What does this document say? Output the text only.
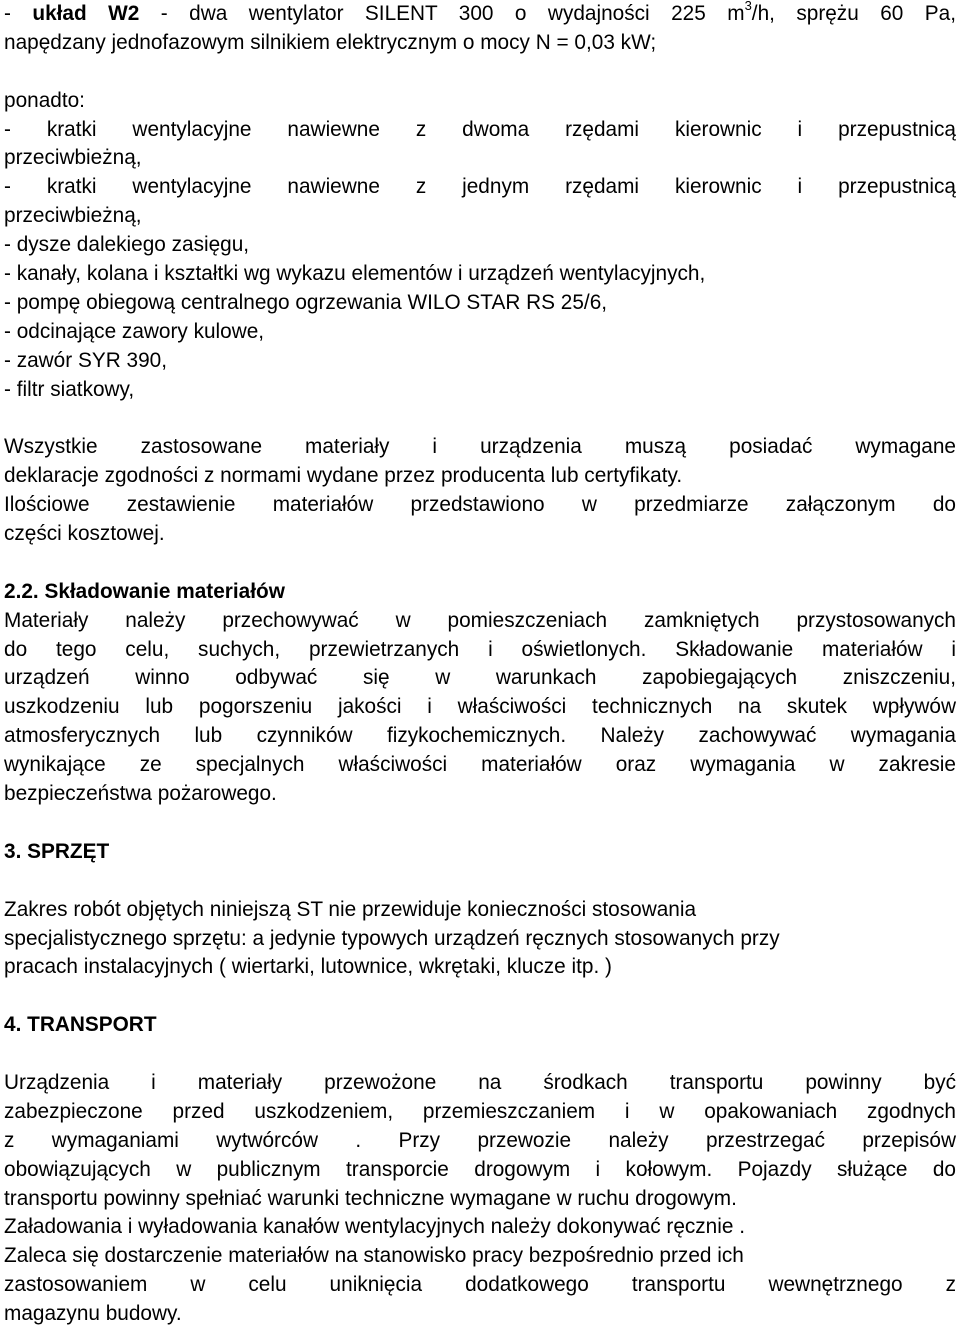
- układ W2 - dwa wentylator SILENT 300 o wydajności 225 $m^3/h$, sprężu 60 Pa,
napędzany jednofazowym silnikiem elektrycznym o mocy N = 0,03 kW;
ponadto:
- kratki wentylacyjne nawiewne z dwoma rzędami kierownic i przepustnicą
przeciwbieżną,
- kratki wentylacyjne nawiewne z jednym rzędami kierownic i przepustnicą
przeciwbieżną,
- dysze dalekiego zasięgu,
- kanały, kolana i kształtki wg wykazu elementów i urządzeń wentylacyjnych,
- pompę obiegową centralnego ogrzewania WILO STAR RS 25/6,
- odcinające zawory kulowe,
- zawór SYR 390,
- filtr siatkowy,
Wszystkie zastosowane materiały i urządzenia muszą posiadać wymagane
deklaracje zgodności z normami wydane przez producenta lub certyfikaty.
Ilościowe zestawienie materiałów przedstawiono w przedmiarze załączonym do
części kosztowej.
2.2. Składowanie materiałów
Materiały należy przechowywać w pomieszczeniach zamkniętych przystosowanych
do tego celu, suchych, przewietrzanych i oświetlonych. Składowanie materiałów i
urządzeń winno odbywać się w warunkach zapobiegających zniszczeniu,
uszkodzeniu lub pogorszeniu jakości i właściwości technicznych na skutek wpływów
atmosferycznych lub czynników fizykochemicznych. Należy zachowywać wymagania
wynikające ze specjalnych właściwości materiałów oraz wymagania w zakresie
bezpieczeństwa pożarowego.
3. SPRZĘT
Zakres robót objętych niniejszą ST nie przewiduje konieczności stosowania
specjalistycznego sprzętu: a jedynie typowych urządzeń ręcznych stosowanych przy
pracach instalacyjnych ( wiertarki, lutownice, wkrętaki, klucze itp. )
4. TRANSPORT
Urządzenia i materiały przewożone na środkach transportu powinny być
zabezpieczone przed uszkodzeniem, przemieszczaniem i w opakowaniach zgodnych
z wymaganiami wytwórców . Przy przewozie należy przestrzegać przepisów
obowiązujących w publicznym transporcie drogowym i kołowym. Pojazdy służące do
transportu powinny spełniać warunki techniczne wymagane w ruchu drogowym.
Załadowania i wyładowania kanałów wentylacyjnych należy dokonywać ręcznie .
Zaleca się dostarczenie materiałów na stanowisko pracy bezpośrednio przed ich
zastosowaniem w celu uniknięcia dodatkowego transportu wewnętrznego z
magazynu budowy.
